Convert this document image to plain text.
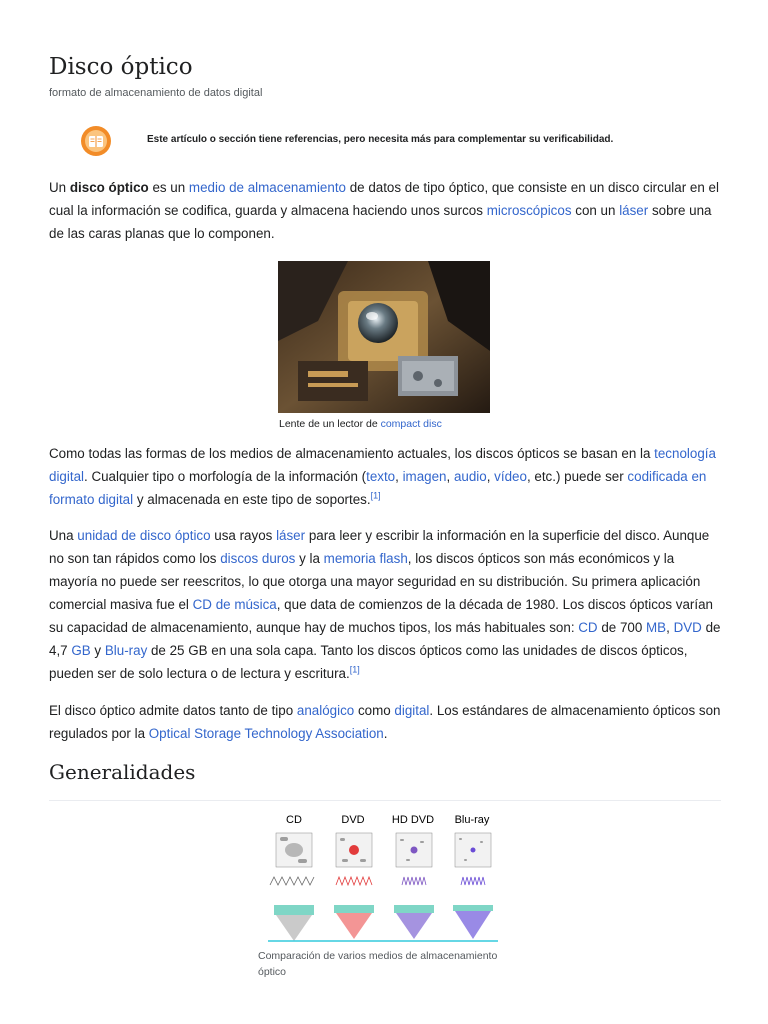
Disco óptico
formato de almacenamiento de datos digital
Este artículo o sección tiene referencias, pero necesita más para complementar su verificabilidad.
Un disco óptico es un medio de almacenamiento de datos de tipo óptico, que consiste en un disco circular en el cual la información se codifica, guarda y almacena haciendo unos surcos microscópicos con un láser sobre una de las caras planas que lo componen.
Lente de un lector de compact disc
Como todas las formas de los medios de almacenamiento actuales, los discos ópticos se basan en la tecnología digital. Cualquier tipo o morfología de la información (texto, imagen, audio, vídeo, etc.) puede ser codificada en formato digital y almacenada en este tipo de soportes.[1]
Una unidad de disco óptico usa rayos láser para leer y escribir la información en la superficie del disco. Aunque no son tan rápidos como los discos duros y la memoria flash, los discos ópticos son más económicos y la mayoría no puede ser reescritos, lo que otorga una mayor seguridad en su distribución. Su primera aplicación comercial masiva fue el CD de música, que data de comienzos de la década de 1980. Los discos ópticos varían su capacidad de almacenamiento, aunque hay de muchos tipos, los más habituales son: CD de 700 MB, DVD de 4,7 GB y Blu-ray de 25 GB en una sola capa. Tanto los discos ópticos como las unidades de discos ópticos, pueden ser de solo lectura o de lectura y escritura.[1]
El disco óptico admite datos tanto de tipo analógico como digital. Los estándares de almacenamiento ópticos son regulados por la Optical Storage Technology Association.
Generalidades
CD	DVD HD DVD Blu-ray
Comparación de varios medios de almacenamiento óptico
